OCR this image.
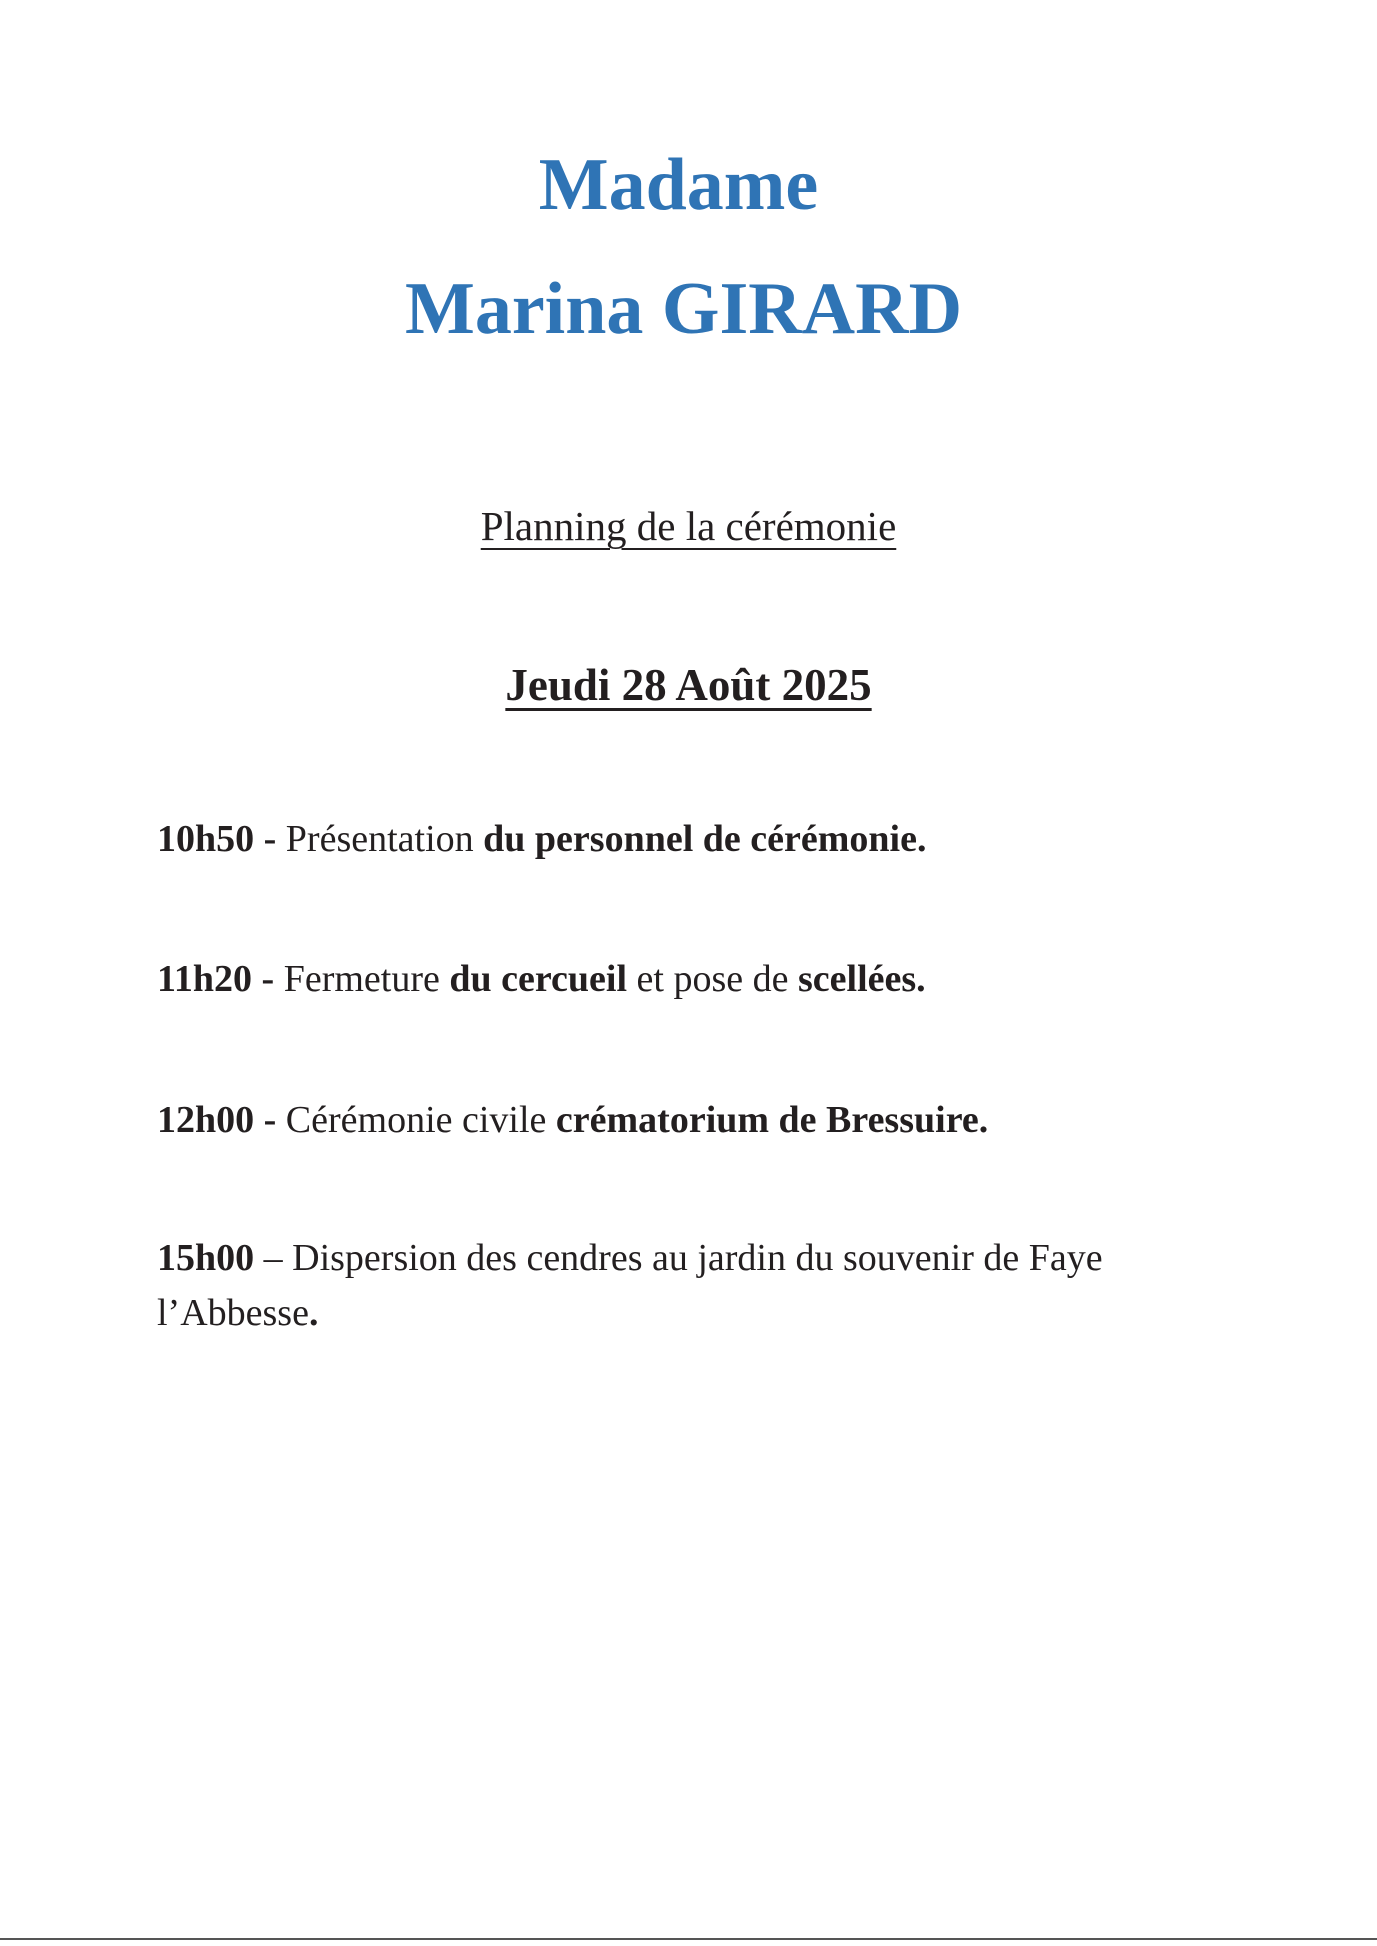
Madame
Marina GIRARD
Planning de la cérémonie
Jeudi 28 Août 2025
10h50 - Présentation du personnel de cérémonie.
11h20 - Fermeture du cercueil et pose de scellées.
12h00 - Cérémonie civile crématorium de Bressuire.
15h00 – Dispersion des cendres au jardin du souvenir de Faye l’Abbesse.
